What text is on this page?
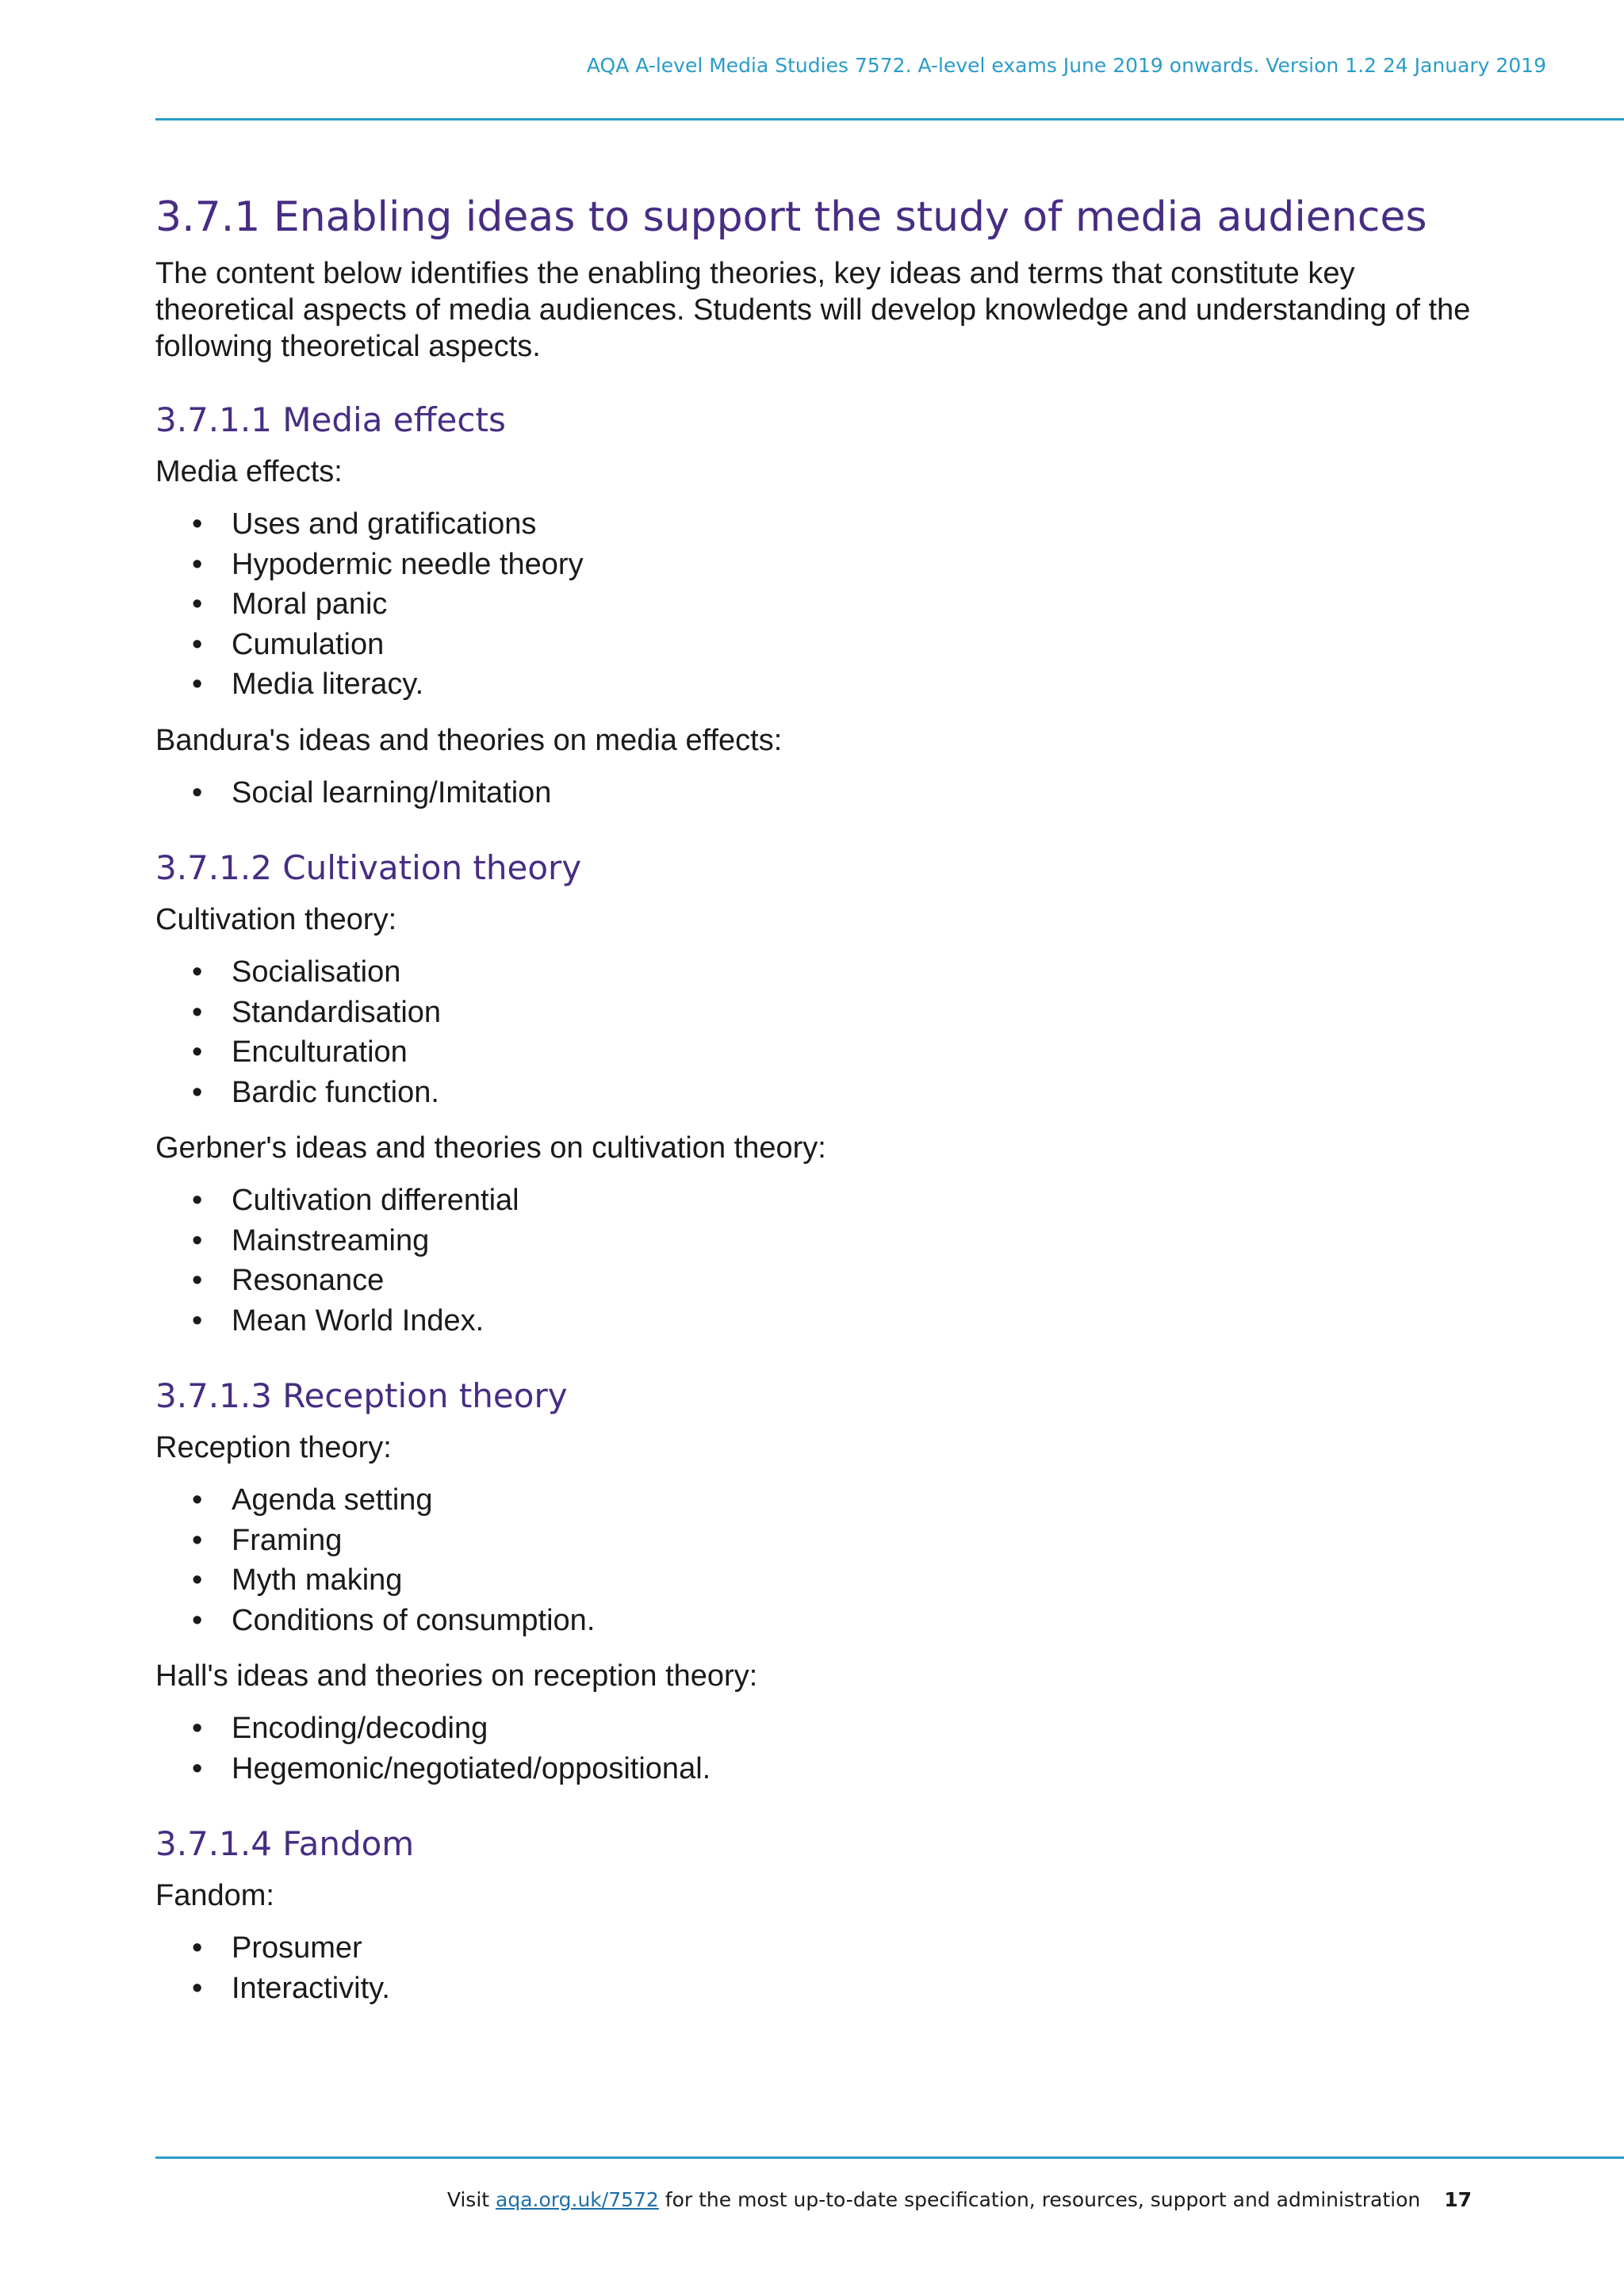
AQA A-level Media Studies 7572. A-level exams June 2019 onwards. Version 1.2 24 January 2019
3.7.1 Enabling ideas to support the study of media audiences

The content below identifies the enabling theories, key ideas and terms that constitute key theoretical aspects of media audiences. Students will develop knowledge and understanding of the following theoretical aspects.

3.7.1.1 Media effects

Media effects:

• Uses and gratifications
• Hypodermic needle theory
• Moral panic
• Cumulation
• Media literacy.

Bandura's ideas and theories on media effects:

• Social learning/Imitation
3.7.1.2 Cultivation theory

Cultivation theory:

• Socialisation
• Standardisation
• Enculturation
• Bardic function.

Gerbner's ideas and theories on cultivation theory:

• Cultivation differential
• Mainstreaming
• Resonance
• Mean World Index.
3.7.1.3 Reception theory

Reception theory:

• Agenda setting
• Framing
• Myth making
• Conditions of consumption.

Hall's ideas and theories on reception theory:

• Encoding/decoding
• Hegemonic/negotiated/oppositional.
3.7.1.4 Fandom

Fandom:

• Prosumer
• Interactivity.
Visit aqa.org.uk/7572 for the most up-to-date specification, resources, support and administration 17
